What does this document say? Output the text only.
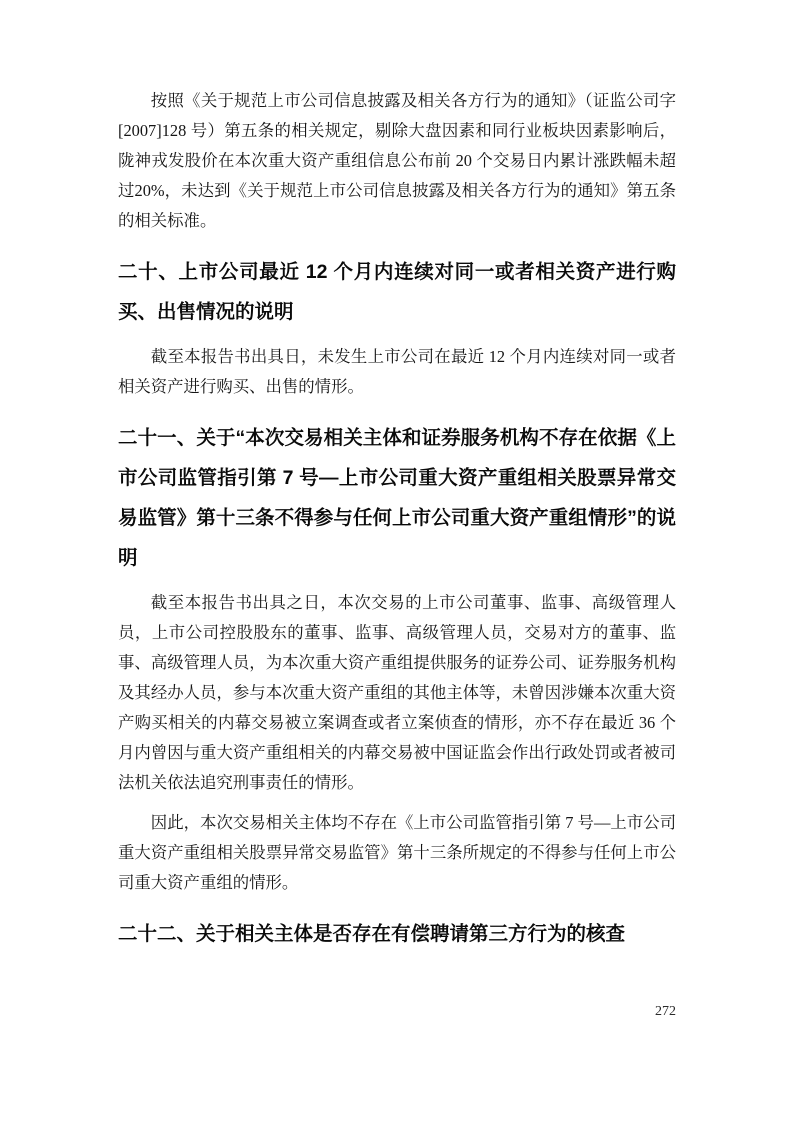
按照《关于规范上市公司信息披露及相关各方行为的通知》（证监公司字[2007]128 号）第五条的相关规定，剔除大盘因素和同行业板块因素影响后，陇神戎发股价在本次重大资产重组信息公布前 20 个交易日内累计涨跌幅未超过20%，未达到《关于规范上市公司信息披露及相关各方行为的通知》第五条的相关标准。

二十、上市公司最近 12 个月内连续对同一或者相关资产进行购买、出售情况的说明

截至本报告书出具日，未发生上市公司在最近 12 个月内连续对同一或者相关资产进行购买、出售的情形。

二十一、关于“本次交易相关主体和证券服务机构不存在依据《上市公司监管指引第 7 号—上市公司重大资产重组相关股票异常交易监管》第十三条不得参与任何上市公司重大资产重组情形”的说明

截至本报告书出具之日，本次交易的上市公司董事、监事、高级管理人员，上市公司控股股东的董事、监事、高级管理人员，交易对方的董事、监事、高级管理人员，为本次重大资产重组提供服务的证券公司、证券服务机构及其经办人员，参与本次重大资产重组的其他主体等，未曾因涉嫌本次重大资产购买相关的内幕交易被立案调查或者立案侦查的情形，亦不存在最近 36 个月内曾因与重大资产重组相关的内幕交易被中国证监会作出行政处罚或者被司法机关依法追究刑事责任的情形。

因此，本次交易相关主体均不存在《上市公司监管指引第 7 号—上市公司重大资产重组相关股票异常交易监管》第十三条所规定的不得参与任何上市公司重大资产重组的情形。

二十二、关于相关主体是否存在有偿聘请第三方行为的核查
272
